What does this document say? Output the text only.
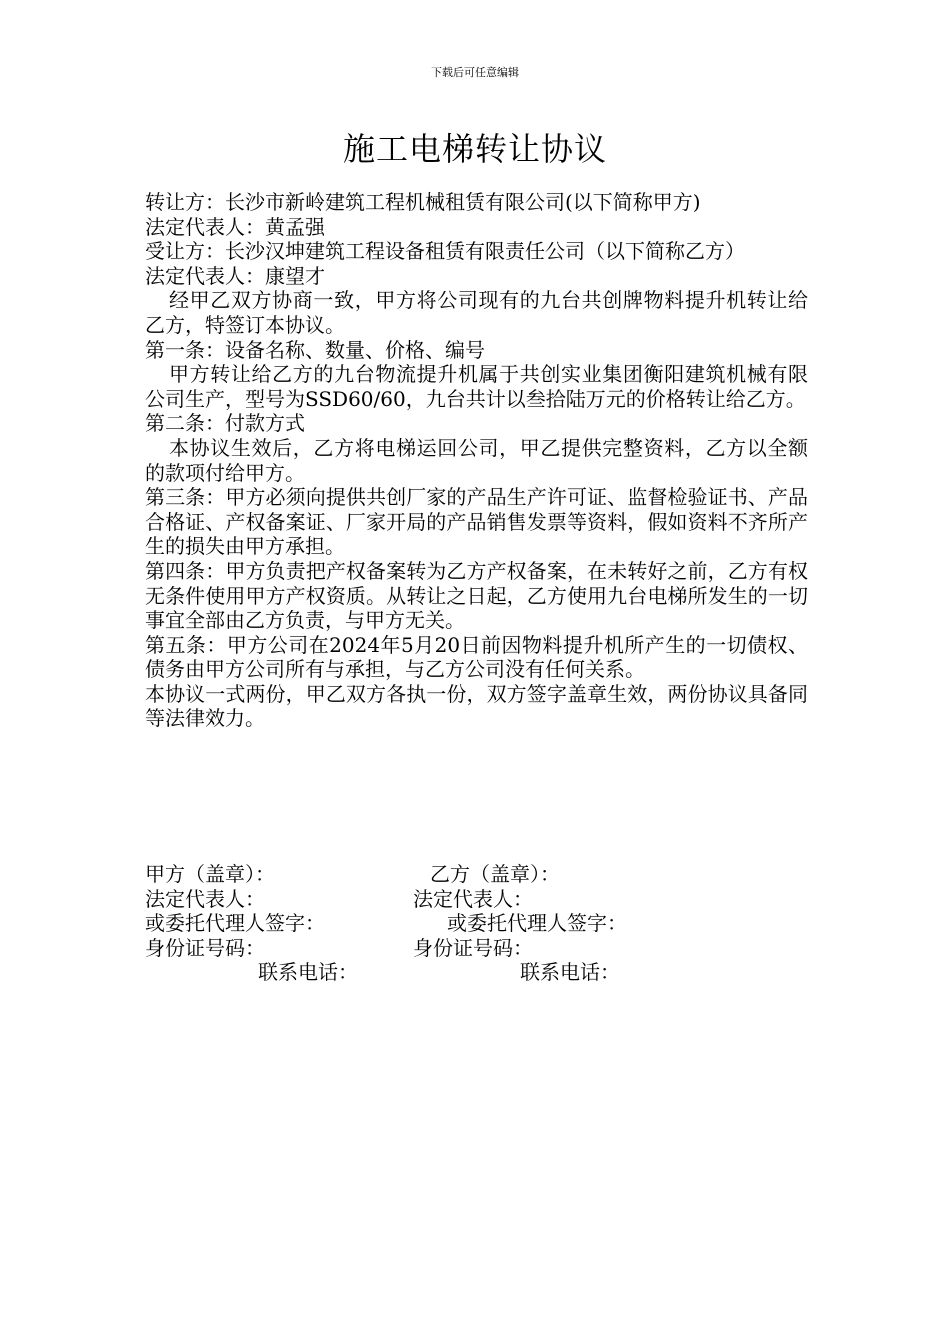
下载后可任意编辑
施工电梯转让协议

转让方：长沙市新岭建筑工程机械租赁有限公司(以下简称甲方)

法定代表人：黄孟强

受让方：长沙汉坤建筑工程设备租赁有限责任公司（以下简称乙方）

法定代表人：康望才

经甲乙双方协商一致，甲方将公司现有的九台共创牌物料提升机转让给乙方，特签订本协议。

第一条：设备名称、数量、价格、编号

甲方转让给乙方的九台物流提升机属于共创实业集团衡阳建筑机械有限公司生产，型号为SSD60/60，九台共计以叁拾陆万元的价格转让给乙方。

第二条：付款方式

本协议生效后，乙方将电梯运回公司，甲乙提供完整资料，乙方以全额的款项付给甲方。

第三条：甲方必须向提供共创厂家的产品生产许可证、监督检验证书、产品合格证、产权备案证、厂家开局的产品销售发票等资料，假如资料不齐所产生的损失由甲方承担。

第四条：甲方负责把产权备案转为乙方产权备案，在未转好之前，乙方有权无条件使用甲方产权资质。从转让之日起，乙方使用九台电梯所发生的一切事宜全部由乙方负责，与甲方无关。

第五条：甲方公司在2024年5月20日前因物料提升机所产生的一切债权、债务由甲方公司所有与承担，与乙方公司没有任何关系。

本协议一式两份，甲乙双方各执一份，双方签字盖章生效，两份协议具备同等法律效力。

甲方（盖章）：	乙方（盖章）：
法定代表人：	法定代表人：
或委托代理人签字：	或委托代理人签字：
身份证号码：	身份证号码：
联系电话：	联系电话：
